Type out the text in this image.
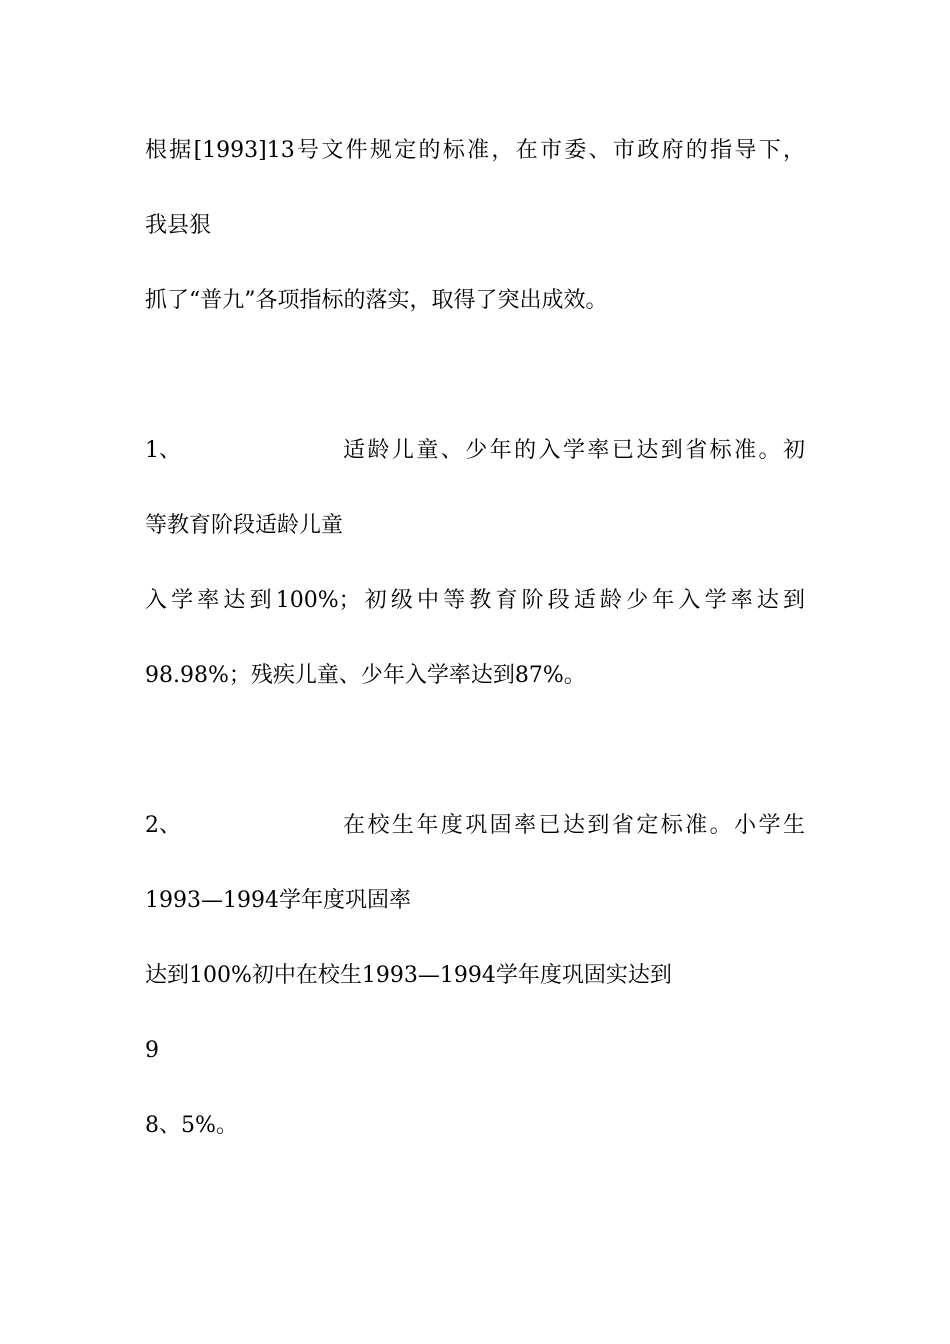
根据[1993]13号文件规定的标准，在市委、市政府的指导下，
我县狠
抓了“普九”各项指标的落实，取得了突出成效。
1、	适龄儿童、少年的入学率已达到省标准。初
等教育阶段适龄儿童
入学率达到100%；初级中等教育阶段适龄少年入学率达到
98.98%；残疾儿童、少年入学率达到87%。
2、	在校生年度巩固率已达到省定标准。小学生
1993—1994学年度巩固率
达到100%初中在校生1993—1994学年度巩固实达到
9
8、5%。
